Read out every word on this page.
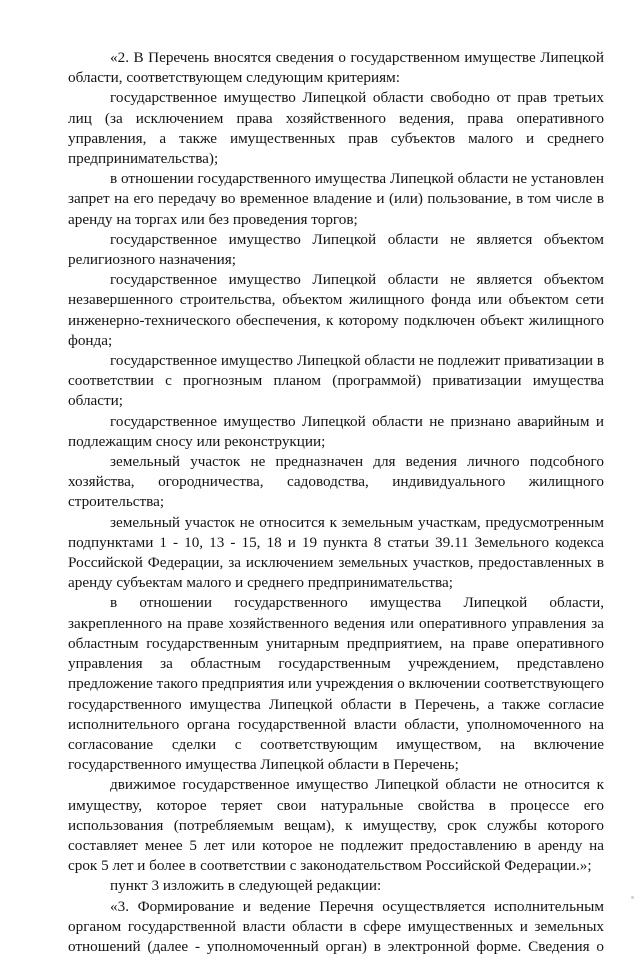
«2. В Перечень вносятся сведения о государственном имуществе Липецкой области, соответствующем следующим критериям:

государственное имущество Липецкой области свободно от прав третьих лиц (за исключением права хозяйственного ведения, права оперативного управления, а также имущественных прав субъектов малого и среднего предпринимательства);

в отношении государственного имущества Липецкой области не установлен запрет на его передачу во временное владение и (или) пользование, в том числе в аренду на торгах или без проведения торгов;

государственное имущество Липецкой области не является объектом религиозного назначения;

государственное имущество Липецкой области не является объектом незавершенного строительства, объектом жилищного фонда или объектом сети инженерно-технического обеспечения, к которому подключен объект жилищного фонда;

государственное имущество Липецкой области не подлежит приватизации в соответствии с прогнозным планом (программой) приватизации имущества области;

государственное имущество Липецкой области не признано аварийным и подлежащим сносу или реконструкции;

земельный участок не предназначен для ведения личного подсобного хозяйства, огородничества, садоводства, индивидуального жилищного строительства;

земельный участок не относится к земельным участкам, предусмотренным подпунктами 1 - 10, 13 - 15, 18 и 19 пункта 8 статьи 39.11 Земельного кодекса Российской Федерации, за исключением земельных участков, предоставленных в аренду субъектам малого и среднего предпринимательства;

в отношении государственного имущества Липецкой области, закрепленного на праве хозяйственного ведения или оперативного управления за областным государственным унитарным предприятием, на праве оперативного управления за областным государственным учреждением, представлено предложение такого предприятия или учреждения о включении соответствующего государственного имущества Липецкой области в Перечень, а также согласие исполнительного органа государственной власти области, уполномоченного на согласование сделки с соответствующим имуществом, на включение государственного имущества Липецкой области в Перечень;

движимое государственное имущество Липецкой области не относится к имуществу, которое теряет свои натуральные свойства в процессе его использования (потребляемым вещам), к имуществу, срок службы которого составляет менее 5 лет или которое не подлежит предоставлению в аренду на срок 5 лет и более в соответствии с законодательством Российской Федерации.»;

пункт 3 изложить в следующей редакции:

«3. Формирование и ведение Перечня осуществляется исполнительным органом государственной власти области в сфере имущественных и земельных отношений (далее - уполномоченный орган) в электронной форме. Сведения о
